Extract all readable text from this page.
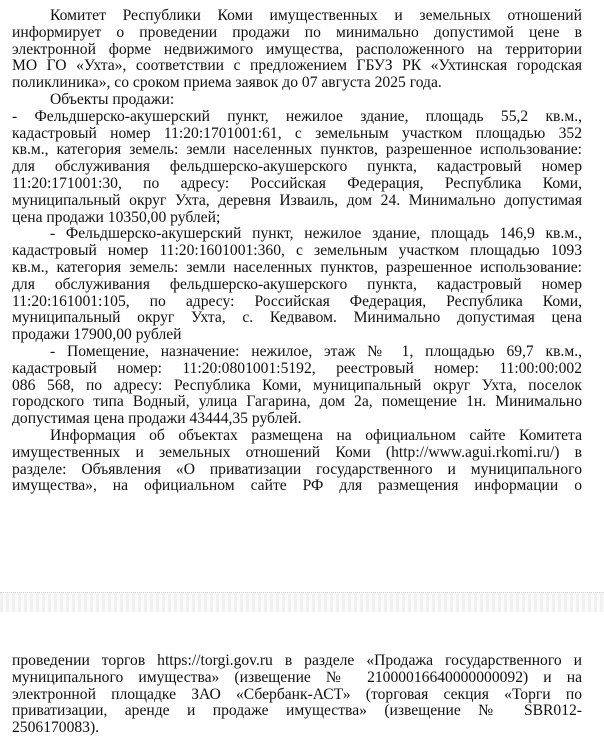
Комитет Республики Коми имущественных и земельных отношений
информирует о проведении продажи по минимально допустимой цене в
электронной форме недвижимого имущества, расположенного на территории
МО ГО «Ухта», соответствии с предложением ГБУЗ РК «Ухтинская городская
поликлиника», со сроком приема заявок до 07 августа 2025 года.
Объекты продажи:
- Фельдшерско-акушерский пункт, нежилое здание, площадь 55,2 кв.м.,
кадастровый номер 11:20:1701001:61, с земельным участком площадью 352
кв.м., категория земель: земли населенных пунктов, разрешенное использование:
для обслуживания фельдшерско-акушерского пункта, кадастровый номер
11:20:171001:30, по адресу: Российская Федерация, Республика Коми,
муниципальный округ Ухта, деревня Изваиль, дом 24. Минимально допустимая
цена продажи 10350,00 рублей;
- Фельдшерско-акушерский пункт, нежилое здание, площадь 146,9 кв.м.,
кадастровый номер 11:20:1601001:360, с земельным участком площадью 1093
кв.м., категория земель: земли населенных пунктов, разрешенное использование:
для обслуживания фельдшерско-акушерского пункта, кадастровый номер
11:20:161001:105, по адресу: Российская Федерация, Республика Коми,
муниципальный округ Ухта, с. Кедвавом. Минимально допустимая цена
продажи 17900,00 рублей
- Помещение, назначение: нежилое, этаж № 1, площадью 69,7 кв.м.,
кадастровый номер: 11:20:0801001:5192, реестровый номер: 11:00:00:002
086 568, по адресу: Республика Коми, муниципальный округ Ухта, поселок
городского типа Водный, улица Гагарина, дом 2а, помещение 1н. Минимально
допустимая цена продажи 43444,35 рублей.
Информация об объектах размещена на официальном сайте Комитета
имущественных и земельных отношений Коми (http://www.agui.rkomi.ru/) в
разделе: Объявления «О приватизации государственного и муниципального
имущества», на официальном сайте РФ для размещения информации о
проведении торгов https://torgi.gov.ru в разделе «Продажа государственного и
муниципального имущества» (извещение № 21000016640000000092) и на
электронной площадке ЗАО «Сбербанк-АСТ» (торговая секция «Торги по
приватизации, аренде и продаже имущества» (извещение № SBR012-
2506170083).
